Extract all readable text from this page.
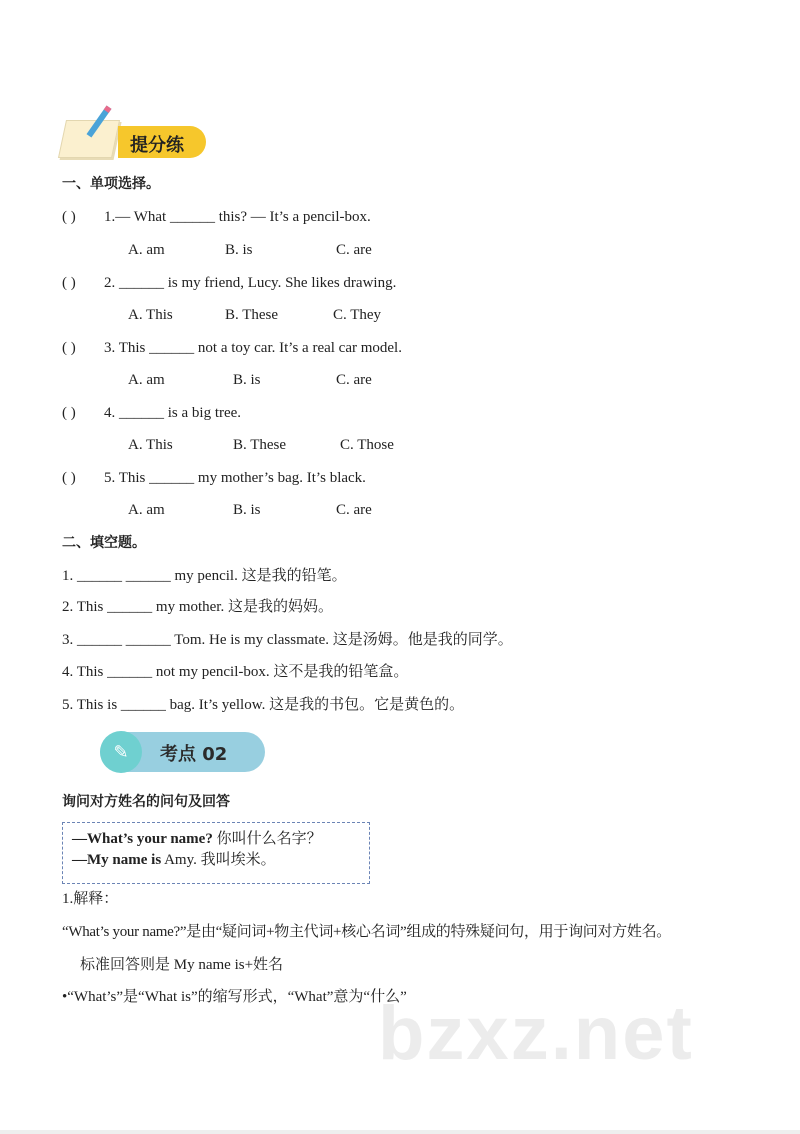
提分练
一、单项选择。
( ) 1.— What ______ this? — It’s a pencil-box.
A. am	B. is	C. are
( ) 2. ______ is my friend, Lucy. She likes drawing.
A. This	B. These	C. They
( ) 3. This ______ not a toy car. It’s a real car model.
A. am	B. is	C. are
( ) 4. ______ is a big tree.
A. This	B. These	C. Those
( ) 5. This ______ my mother’s bag. It’s black.
A. am	B. is	C. are
二、填空题。
1. ______ ______ my pencil. 这是我的铅笔。
2. This ______ my mother. 这是我的妈妈。
3. ______ ______ Tom. He is my classmate. 这是汤姆。他是我的同学。
4. This ______ not my pencil-box. 这不是我的铅笔盒。
5. This is ______ bag. It’s yellow. 这是我的书包。它是黄色的。
考点 02
✎
询问对方姓名的问句及回答
—What’s your name? 你叫什么名字？
—My name is Amy. 我叫埃米。
1.解释：
“What’s your name?”是由“疑问词+物主代词+核心名词”组成的特殊疑问句，用于询问对方姓名。
标准回答则是 My name is+姓名
•“What’s”是“What is”的缩写形式，“What”意为“什么”
bzxz.net
